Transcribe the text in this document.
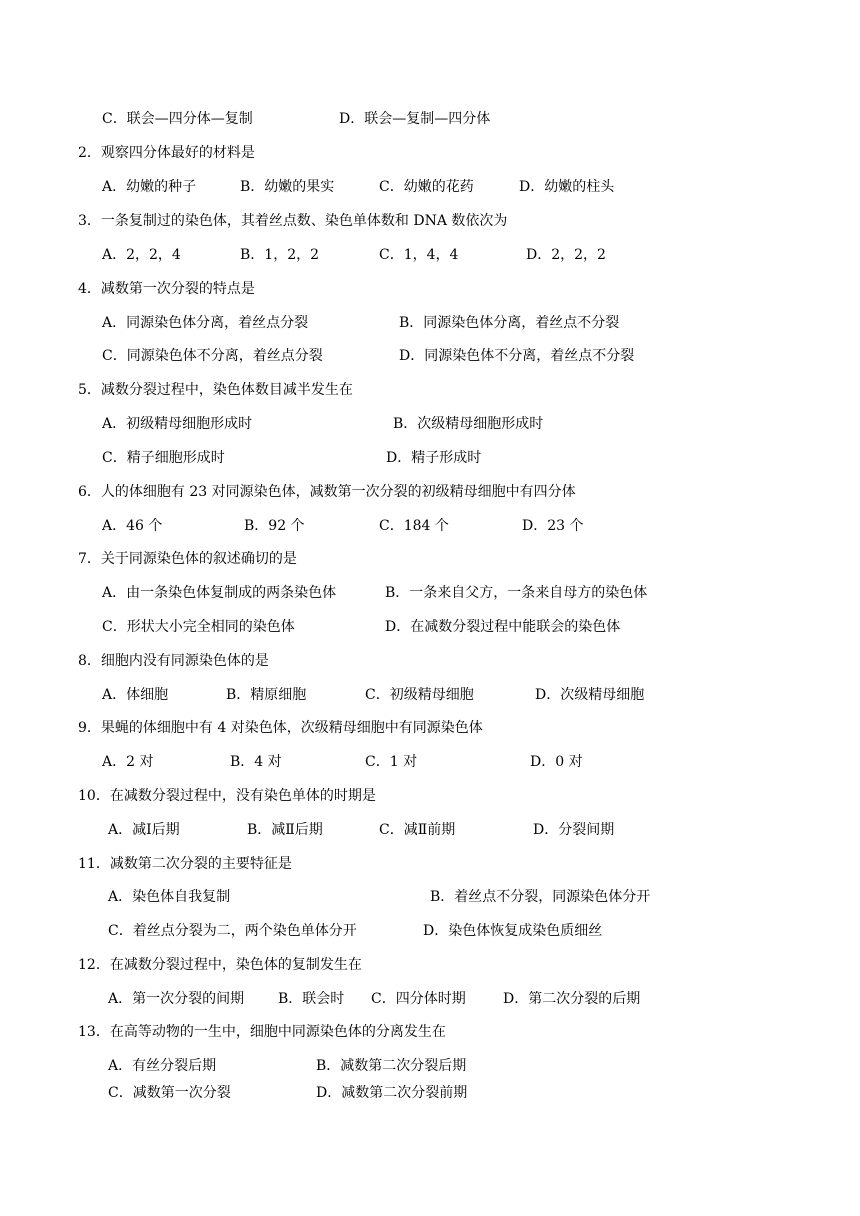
C．联会—四分体—复制	D．联会—复制—四分体
2．观察四分体最好的材料是
A．幼嫩的种子	B．幼嫩的果实	C．幼嫩的花药	D．幼嫩的柱头
3．一条复制过的染色体，其着丝点数、染色单体数和 DNA 数依次为
A．2，2，4	B．1，2，2	C．1，4，4	D．2，2，2
4．减数第一次分裂的特点是
A．同源染色体分离，着丝点分裂	B．同源染色体分离，着丝点不分裂
C．同源染色体不分离，着丝点分裂	D．同源染色体不分离，着丝点不分裂
5．减数分裂过程中，染色体数目减半发生在
A．初级精母细胞形成时	B．次级精母细胞形成时
C．精子细胞形成时	D．精子形成时
6．人的体细胞有 23 对同源染色体，减数第一次分裂的初级精母细胞中有四分体
A．46 个	B．92 个	C．184 个	D．23 个
7．关于同源染色体的叙述确切的是
A．由一条染色体复制成的两条染色体	B．一条来自父方，一条来自母方的染色体
C．形状大小完全相同的染色体	D．在减数分裂过程中能联会的染色体
8．细胞内没有同源染色体的是
A．体细胞	B．精原细胞	C．初级精母细胞	D．次级精母细胞
9．果蝇的体细胞中有 4 对染色体，次级精母细胞中有同源染色体
A．2 对	B．4 对	C．1 对	D．0 对
10．在减数分裂过程中，没有染色单体的时期是
A．减Ⅰ后期	B．减Ⅱ后期	C．减Ⅱ前期	D．分裂间期
11．减数第二次分裂的主要特征是
A．染色体自我复制	B．着丝点不分裂，同源染色体分开
C．着丝点分裂为二，两个染色单体分开	D．染色体恢复成染色质细丝
12．在减数分裂过程中，染色体的复制发生在
A．第一次分裂的间期 B．联会时 C．四分体时期	D．第二次分裂的后期
13．在高等动物的一生中，细胞中同源染色体的分离发生在
A．有丝分裂后期	B．减数第二次分裂后期
C．减数第一次分裂	D．减数第二次分裂前期
